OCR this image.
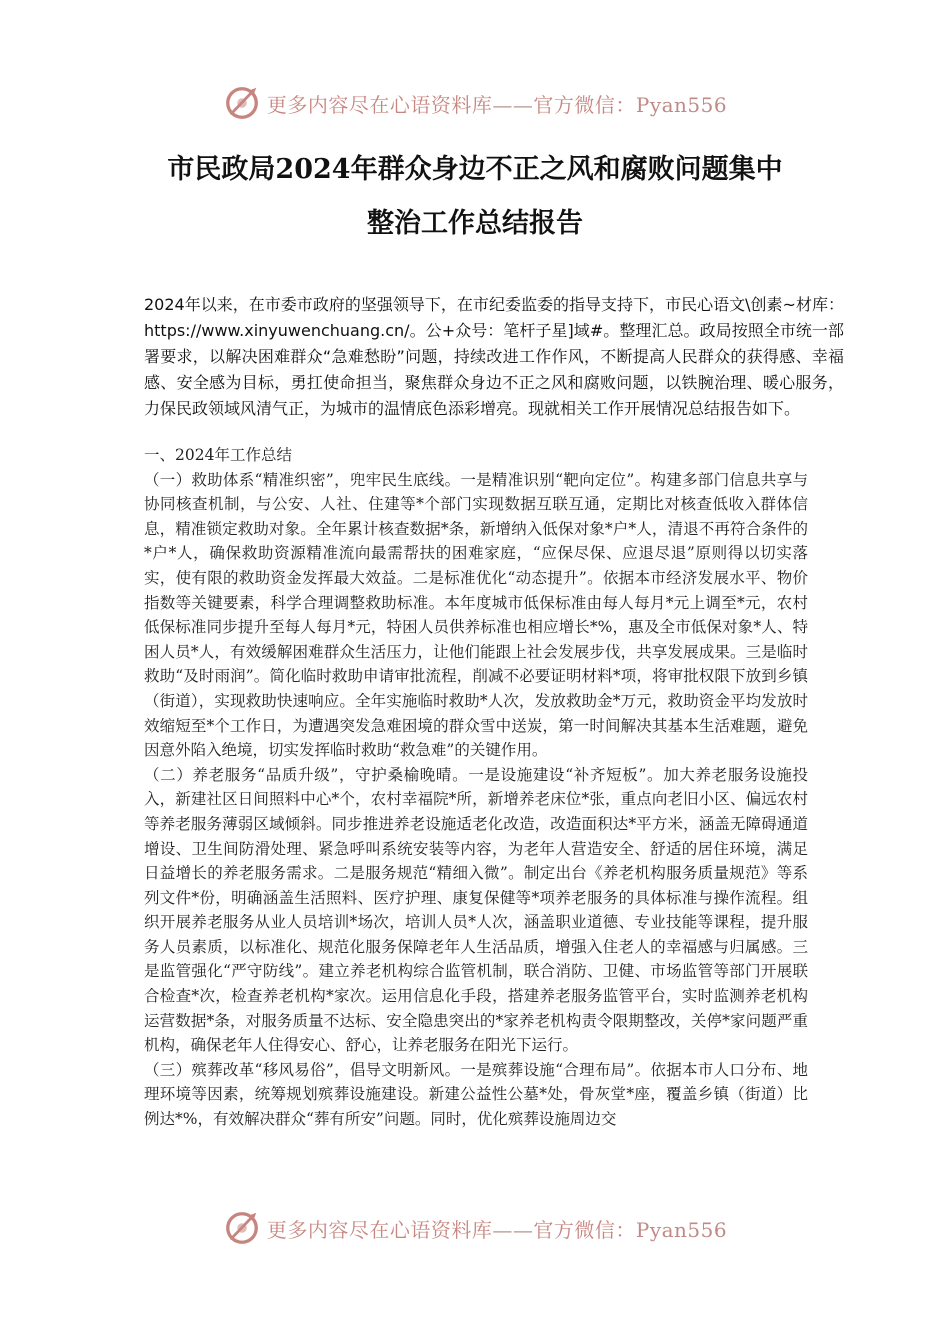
更多内容尽在心语资料库——官方微信：Pyan556
市民政局2024年群众身边不正之风和腐败问题集中
整治工作总结报告
2024年以来，在市委市政府的坚强领导下，在市纪委监委的指导支持下，市民心语文\创素~材库：https://www.xinyuwenchuang.cn/。公+众号：笔杆子星]域#。整理汇总。政局按照全市统一部署要求，以解决困难群众“急难愁盼”问题，持续改进工作作风，不断提高人民群众的获得感、幸福感、安全感为目标，勇扛使命担当，聚焦群众身边不正之风和腐败问题，以铁腕治理、暖心服务，力保民政领域风清气正，为城市的温情底色添彩增亮。现就相关工作开展情况总结报告如下。

一、2024年工作总结

（一）救助体系“精准织密”，兜牢民生底线。一是精准识别“靶向定位”。构建多部门信息共享与协同核查机制，与公安、人社、住建等*个部门实现数据互联互通，定期比对核查低收入群体信息，精准锁定救助对象。全年累计核查数据*条，新增纳入低保对象*户*人，清退不再符合条件的*户*人，确保救助资源精准流向最需帮扶的困难家庭，“应保尽保、应退尽退”原则得以切实落实，使有限的救助资金发挥最大效益。二是标准优化“动态提升”。依据本市经济发展水平、物价指数等关键要素，科学合理调整救助标准。本年度城市低保标准由每人每月*元上调至*元，农村低保标准同步提升至每人每月*元，特困人员供养标准也相应增长*%，惠及全市低保对象*人、特困人员*人，有效缓解困难群众生活压力，让他们能跟上社会发展步伐，共享发展成果。三是临时救助“及时雨润”。简化临时救助申请审批流程，削减不必要证明材料*项，将审批权限下放到乡镇（街道），实现救助快速响应。全年实施临时救助*人次，发放救助金*万元，救助资金平均发放时效缩短至*个工作日，为遭遇突发急难困境的群众雪中送炭，第一时间解决其基本生活难题，避免因意外陷入绝境，切实发挥临时救助“救急难”的关键作用。

（二）养老服务“品质升级”，守护桑榆晚晴。一是设施建设“补齐短板”。加大养老服务设施投入，新建社区日间照料中心*个，农村幸福院*所，新增养老床位*张，重点向老旧小区、偏远农村等养老服务薄弱区域倾斜。同步推进养老设施适老化改造，改造面积达*平方米，涵盖无障碍通道增设、卫生间防滑处理、紧急呼叫系统安装等内容，为老年人营造安全、舒适的居住环境，满足日益增长的养老服务需求。二是服务规范“精细入微”。制定出台《养老机构服务质量规范》等系列文件*份，明确涵盖生活照料、医疗护理、康复保健等*项养老服务的具体标准与操作流程。组织开展养老服务从业人员培训*场次，培训人员*人次，涵盖职业道德、专业技能等课程，提升服务人员素质，以标准化、规范化服务保障老年人生活品质，增强入住老人的幸福感与归属感。三是监管强化“严守防线”。建立养老机构综合监管机制，联合消防、卫健、市场监管等部门开展联合检查*次，检查养老机构*家次。运用信息化手段，搭建养老服务监管平台，实时监测养老机构运营数据*条，对服务质量不达标、安全隐患突出的*家养老机构责令限期整改，关停*家问题严重机构，确保老年人住得安心、舒心，让养老服务在阳光下运行。

（三）殡葬改革“移风易俗”，倡导文明新风。一是殡葬设施“合理布局”。依据本市人口分布、地理环境等因素，统筹规划殡葬设施建设。新建公益性公墓*处，骨灰堂*座，覆盖乡镇（街道）比例达*%，有效解决群众“葬有所安”问题。同时，优化殡葬设施周边交

更多内容尽在心语资料库——官方微信：Pyan556
